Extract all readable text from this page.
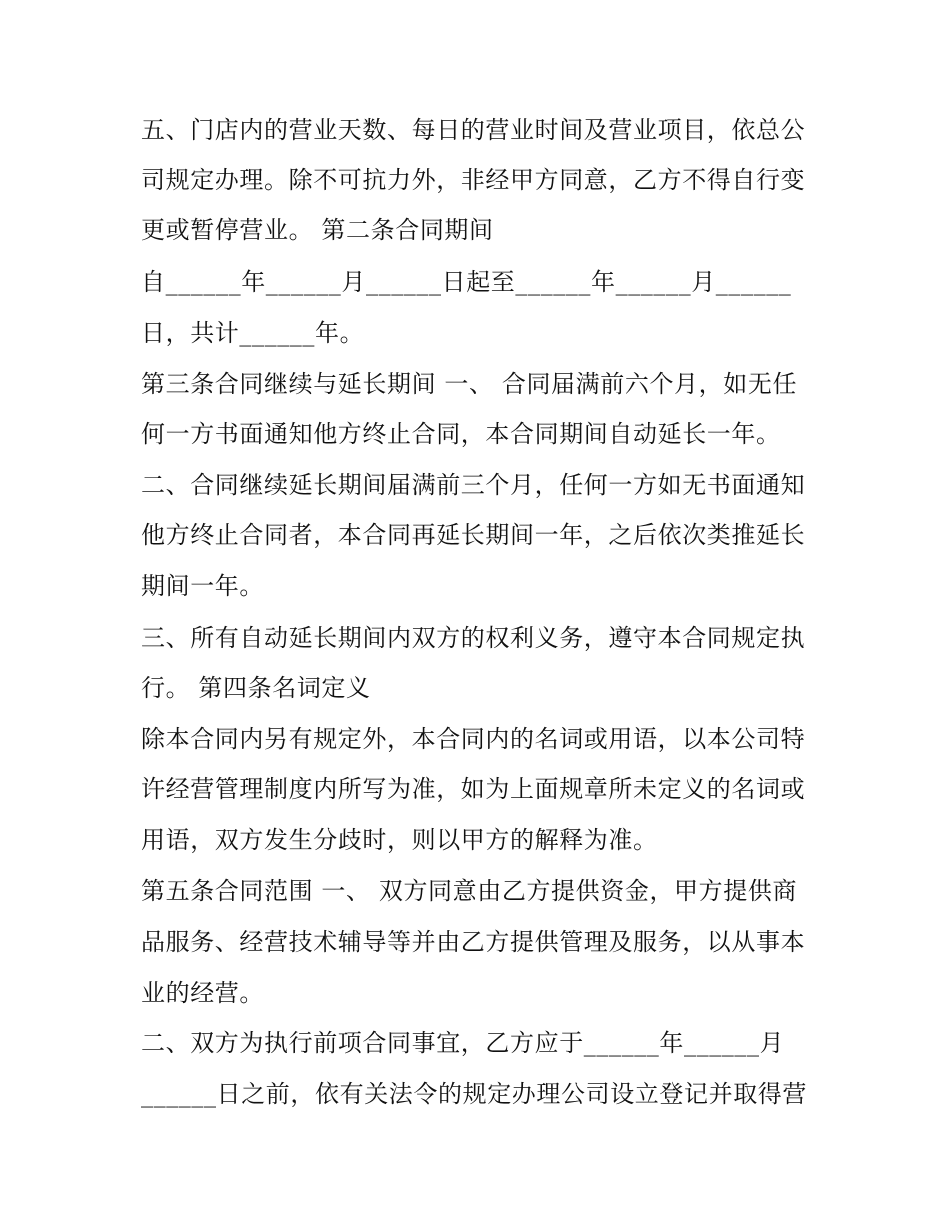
五、门店内的营业天数、每日的营业时间及营业项目，依总公
司规定办理。除不可抗力外，非经甲方同意，乙方不得自行变
更或暂停营业。 第二条合同期间
自______年______月______日起至______年______月______
日，共计______年。
第三条合同继续与延长期间 一、 合同届满前六个月，如无任
何一方书面通知他方终止合同，本合同期间自动延长一年。
二、合同继续延长期间届满前三个月，任何一方如无书面通知
他方终止合同者，本合同再延长期间一年，之后依次类推延长
期间一年。
三、所有自动延长期间内双方的权利义务，遵守本合同规定执
行。 第四条名词定义
除本合同内另有规定外，本合同内的名词或用语，以本公司特
许经营管理制度内所写为准，如为上面规章所未定义的名词或
用语，双方发生分歧时，则以甲方的解释为准。
第五条合同范围 一、 双方同意由乙方提供资金，甲方提供商
品服务、经营技术辅导等并由乙方提供管理及服务，以从事本
业的经营。
二、双方为执行前项合同事宜，乙方应于______年______月
______日之前，依有关法令的规定办理公司设立登记并取得营
